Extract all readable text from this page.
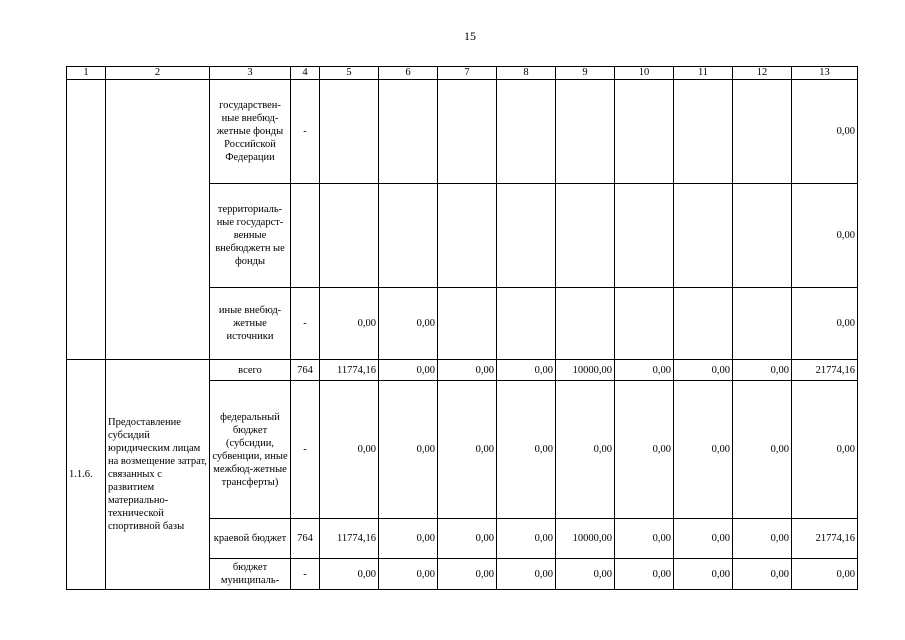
15
1	2	3	4	5	6	7	8	9	10	11	12	13
		государствен-ные внебюд-жетные фонды Российской Федерации	-									0,00
		территориаль-ные государст-венные внебюджетн ые фонды										0,00
		иные внебюд-жетные источники	-	0,00	0,00							0,00
1.1.6.	Предоставление субсидий юридическим лицам на возмещение затрат, связанных с развитием материально-технической спортивной базы	всего	764	11774,16	0,00	0,00	0,00	10000,00	0,00	0,00	0,00	21774,16
		федеральный бюджет (субсидии, субвенции, иные межбюд-жетные трансферты)	-	0,00	0,00	0,00	0,00	0,00	0,00	0,00	0,00	0,00
		краевой бюджет	764	11774,16	0,00	0,00	0,00	10000,00	0,00	0,00	0,00	21774,16
		бюджет муниципаль-	-	0,00	0,00	0,00	0,00	0,00	0,00	0,00	0,00	0,00
